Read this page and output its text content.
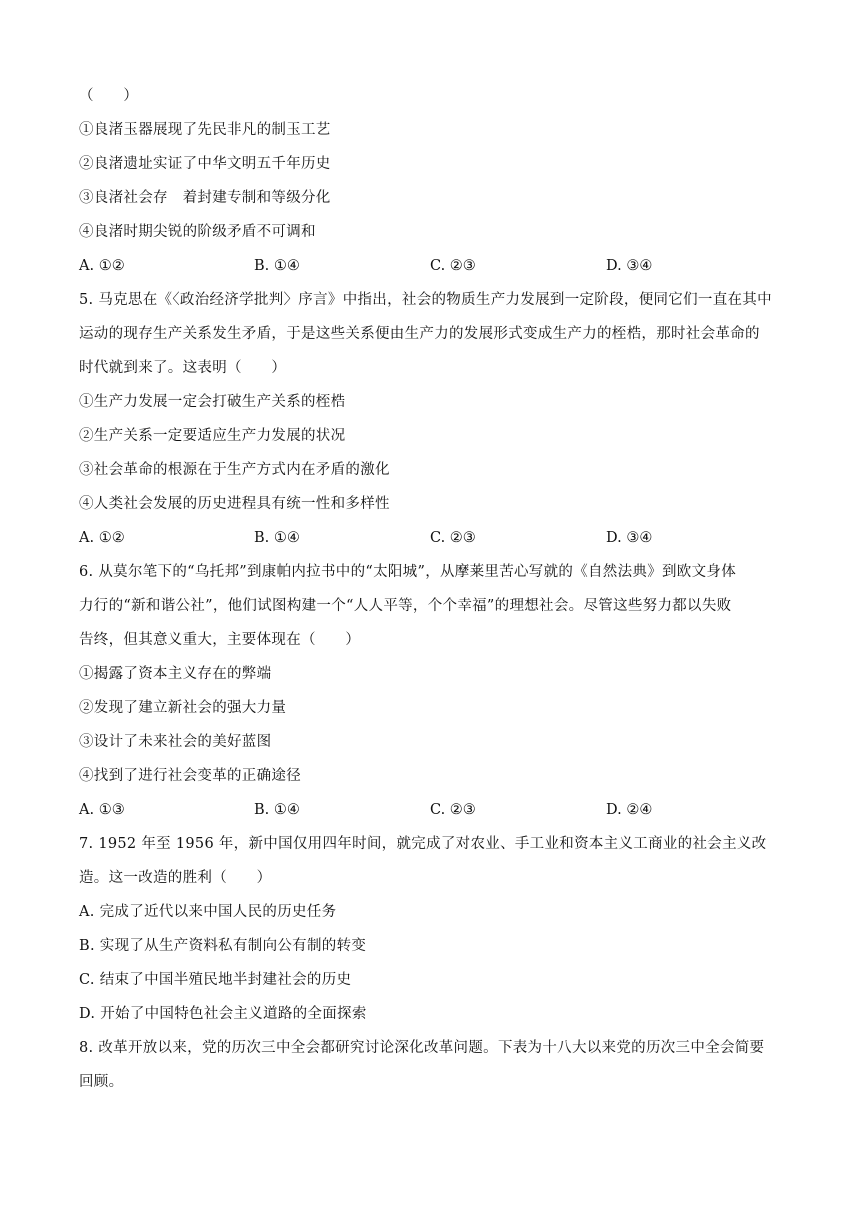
（　　）
①良渚玉器展现了先民非凡的制玉工艺
②良渚遗址实证了中华文明五千年历史
③良渚社会存　着封建专制和等级分化
④良渚时期尖锐的阶级矛盾不可调和
A. ①②	B. ①④	C. ②③	D. ③④
5. 马克思在《〈政治经济学批判〉序言》中指出，社会的物质生产力发展到一定阶段，便同它们一直在其中
运动的现存生产关系发生矛盾，于是这些关系便由生产力的发展形式变成生产力的桎梏，那时社会革命的
时代就到来了。这表明（　　）
①生产力发展一定会打破生产关系的桎梏
②生产关系一定要适应生产力发展的状况
③社会革命的根源在于生产方式内在矛盾的激化
④人类社会发展的历史进程具有统一性和多样性
A. ①②	B. ①④	C. ②③	D. ③④
6. 从莫尔笔下的“乌托邦”到康帕内拉书中的“太阳城”，从摩莱里苦心写就的《自然法典》到欧文身体
力行的“新和谐公社”，他们试图构建一个“人人平等，个个幸福”的理想社会。尽管这些努力都以失败
告终，但其意义重大，主要体现在（　　）
①揭露了资本主义存在的弊端
②发现了建立新社会的强大力量
③设计了未来社会的美好蓝图
④找到了进行社会变革的正确途径
A. ①③	B. ①④	C. ②③	D. ②④
7. 1952 年至 1956 年，新中国仅用四年时间，就完成了对农业、手工业和资本主义工商业的社会主义改
造。这一改造的胜利（　　）
A. 完成了近代以来中国人民的历史任务
B. 实现了从生产资料私有制向公有制的转变
C. 结束了中国半殖民地半封建社会的历史
D. 开始了中国特色社会主义道路的全面探索
8. 改革开放以来，党的历次三中全会都研究讨论深化改革问题。下表为十八大以来党的历次三中全会简要
回顾。
